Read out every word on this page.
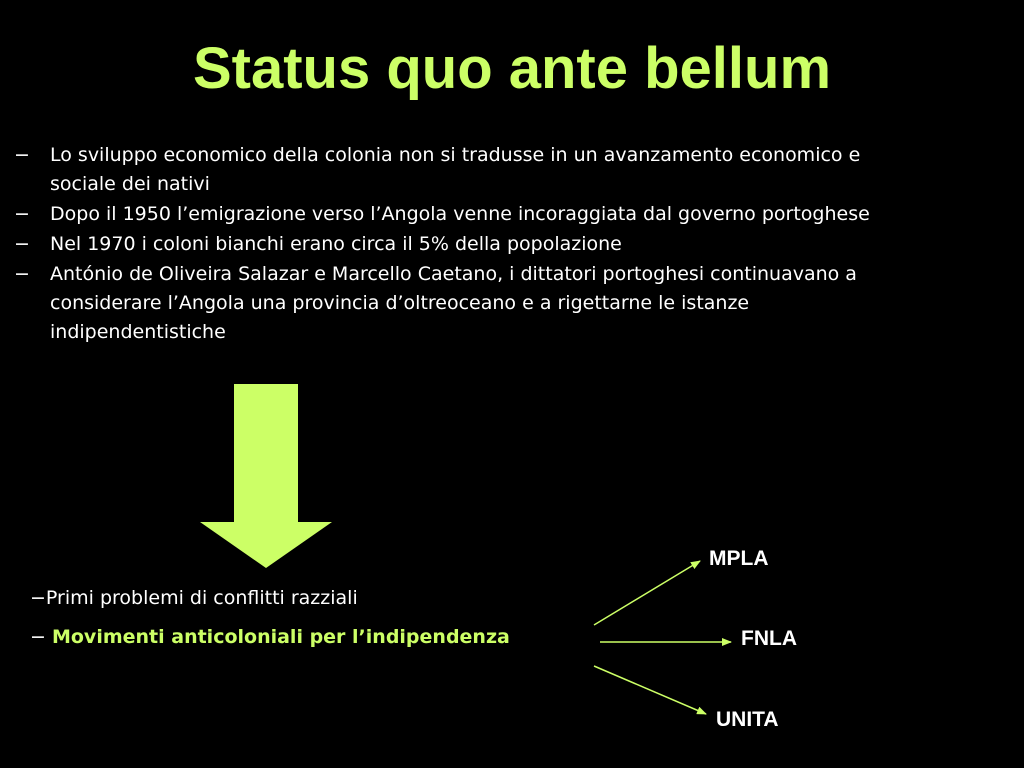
Status quo ante bellum
− Lo sviluppo economico della colonia non si tradusse in un avanzamento economico e sociale dei nativi
− Dopo il 1950 l’emigrazione verso l’Angola venne incoraggiata dal governo portoghese
− Nel 1970 i coloni bianchi erano circa il 5% della popolazione
− António de Oliveira Salazar e Marcello Caetano, i dittatori portoghesi continuavano a considerare l’Angola una provincia d’oltreoceano e a rigettarne le istanze indipendentistiche
−Primi problemi di conflitti razziali
− Movimenti anticoloniali per l’indipendenza
MPLA
FNLA
UNITA
